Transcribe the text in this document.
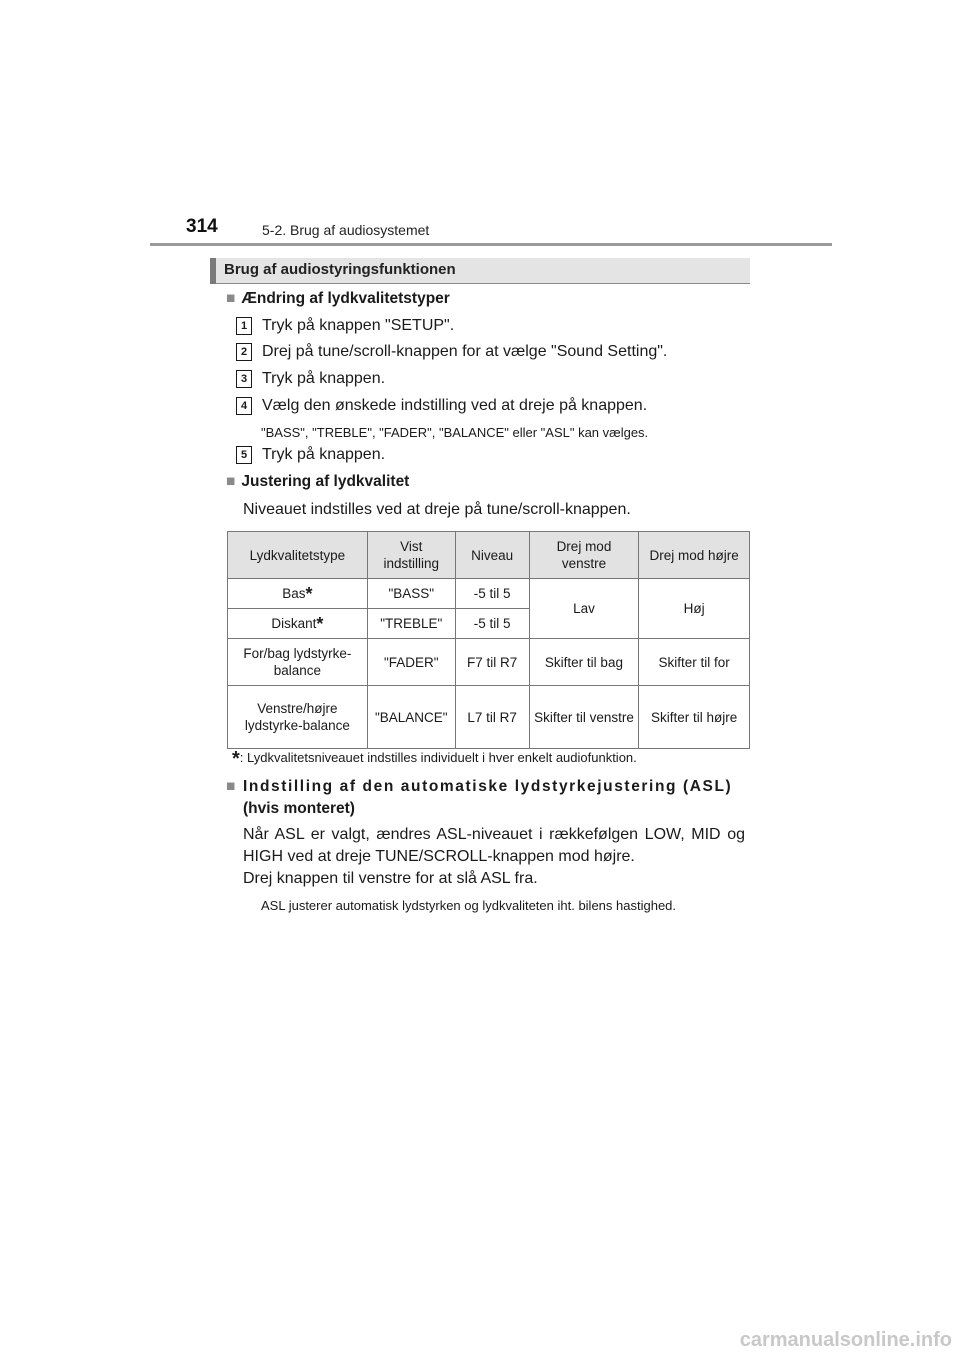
314	5-2. Brug af audiosystemet
Brug af audiostyringsfunktionen
■ Ændring af lydkvalitetstyper
1 Tryk på knappen "SETUP".
2 Drej på tune/scroll-knappen for at vælge "Sound Setting".
3 Tryk på knappen.
4 Vælg den ønskede indstilling ved at dreje på knappen.
"BASS", "TREBLE", "FADER", "BALANCE" eller "ASL" kan vælges.
5 Tryk på knappen.
■ Justering af lydkvalitet
Niveauet indstilles ved at dreje på tune/scroll-knappen.
Lydkvalitetstype	Vist indstilling	Niveau	Drej mod venstre	Drej mod højre
Bas*	"BASS"	-5 til 5	Lav	Høj
Diskant*	"TREBLE"	-5 til 5		
For/bag lydstyrke-balance	"FADER"	F7 til R7	Skifter til bag	Skifter til for
Venstre/højre lydstyrke-balance	"BALANCE"	L7 til R7	Skifter til venstre	Skifter til højre
*: Lydkvalitetsniveauet indstilles individuelt i hver enkelt audiofunktion.
■ Indstilling af den automatiske lydstyrkejustering (ASL)
(hvis monteret)
Når ASL er valgt, ændres ASL-niveauet i rækkefølgen LOW, MID og HIGH ved at dreje TUNE/SCROLL-knappen mod højre.
Drej knappen til venstre for at slå ASL fra.
ASL justerer automatisk lydstyrken og lydkvaliteten iht. bilens hastighed.
carmanualsonline.info
